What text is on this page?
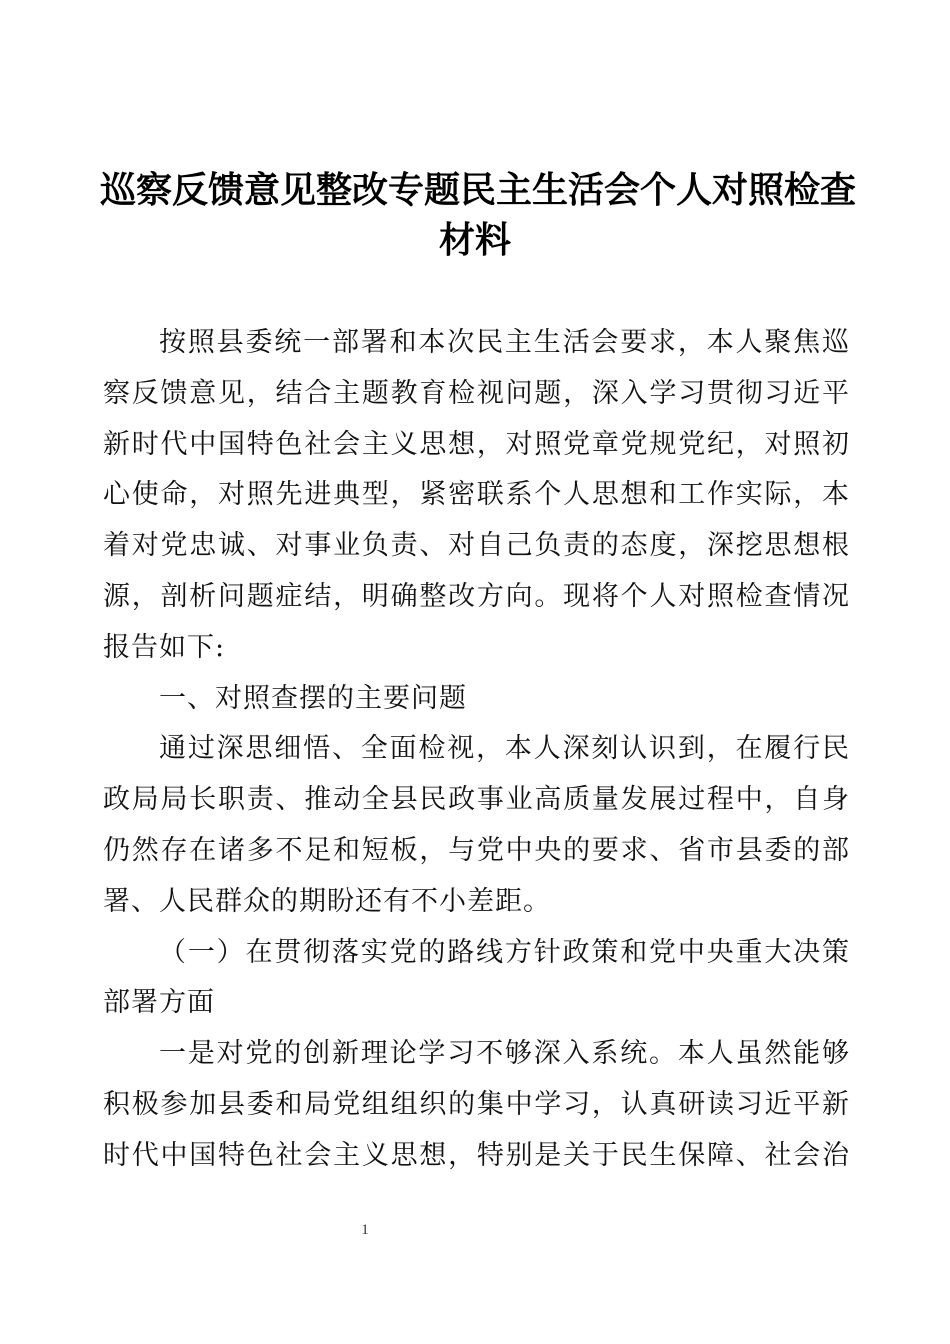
巡察反馈意见整改专题民主生活会个人对照检查
材料
按照县委统一部署和本次民主生活会要求，本人聚焦巡
察反馈意见，结合主题教育检视问题，深入学习贯彻习近平
新时代中国特色社会主义思想，对照党章党规党纪，对照初
心使命，对照先进典型，紧密联系个人思想和工作实际，本
着对党忠诚、对事业负责、对自己负责的态度，深挖思想根
源，剖析问题症结，明确整改方向。现将个人对照检查情况
报告如下:
一、对照查摆的主要问题
通过深思细悟、全面检视，本人深刻认识到，在履行民
政局局长职责、推动全县民政事业高质量发展过程中，自身
仍然存在诸多不足和短板，与党中央的要求、省市县委的部
署、人民群众的期盼还有不小差距。
（一）在贯彻落实党的路线方针政策和党中央重大决策
部署方面
一是对党的创新理论学习不够深入系统。本人虽然能够
积极参加县委和局党组组织的集中学习，认真研读习近平新
时代中国特色社会主义思想，特别是关于民生保障、社会治
1
